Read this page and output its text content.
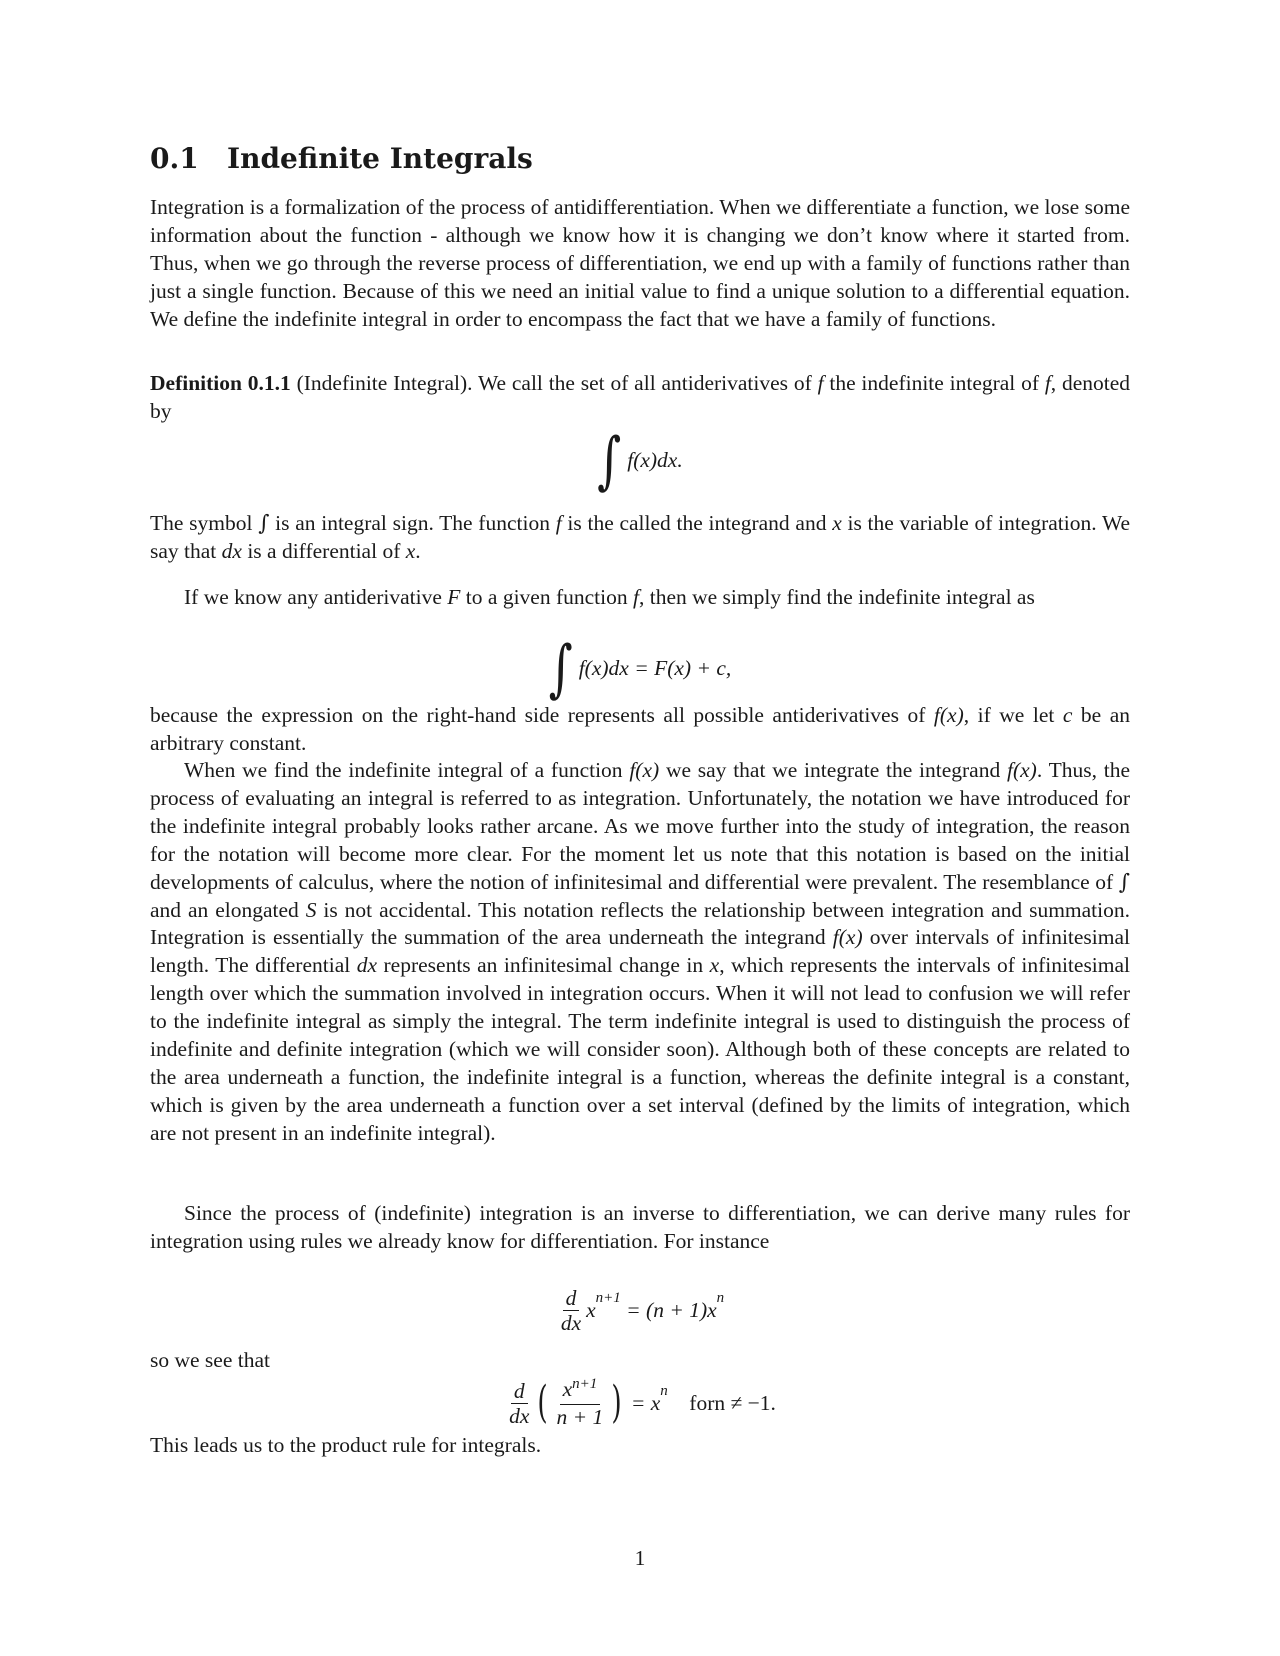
0.1 Indefinite Integrals

Integration is a formalization of the process of antidifferentiation. When we differentiate a function, we lose some information about the function - although we know how it is changing we don’t know where it started from. Thus, when we go through the reverse process of differentiation, we end up with a family of functions rather than just a single function. Because of this we need an initial value to find a unique solution to a differential equation. We define the indefinite integral in order to encompass the fact that we have a family of functions.

Definition 0.1.1 (Indefinite Integral). We call the set of all antiderivatives of f the indefinite integral of f, denoted by

∫ f(x)dx.

The symbol ∫ is an integral sign. The function f is the called the integrand and x is the variable of integration. We say that dx is a differential of x.

If we know any antiderivative F to a given function f, then we simply find the indefinite integral as

∫ f(x)dx = F(x) + c,

because the expression on the right-hand side represents all possible antiderivatives of f(x), if we let c be an arbitrary constant.

When we find the indefinite integral of a function f(x) we say that we integrate the integrand f(x). Thus, the process of evaluating an integral is referred to as integration. Unfortunately, the notation we have introduced for the indefinite integral probably looks rather arcane. As we move further into the study of integration, the reason for the notation will become more clear. For the moment let us note that this notation is based on the initial developments of calculus, where the notion of infinitesimal and differential were prevalent. The resemblance of ∫ and an elongated S is not accidental. This notation reflects the relationship between integration and summation. Integration is essentially the summation of the area underneath the integrand f(x) over intervals of infinitesimal length. The differential dx represents an infinitesimal change in x, which represents the intervals of infinitesimal length over which the summation involved in integration occurs. When it will not lead to confusion we will refer to the indefinite integral as simply the integral. The term indefinite integral is used to distinguish the process of indefinite and definite integration (which we will consider soon). Although both of these concepts are related to the area underneath a function, the indefinite integral is a function, whereas the definite integral is a constant, which is given by the area underneath a function over a set interval (defined by the limits of integration, which are not present in an indefinite integral).

Since the process of (indefinite) integration is an inverse to differentiation, we can derive many rules for integration using rules we already know for differentiation. For instance

$\frac{d}{dx}$ x n+1
= (n + 1)x n
so we see that
$\frac{d}{dx}$ ( $\frac{x^{n+1}}{n + 1}$ )
= x n
forn ≠ −1.

This leads us to the product rule for integrals.

1
